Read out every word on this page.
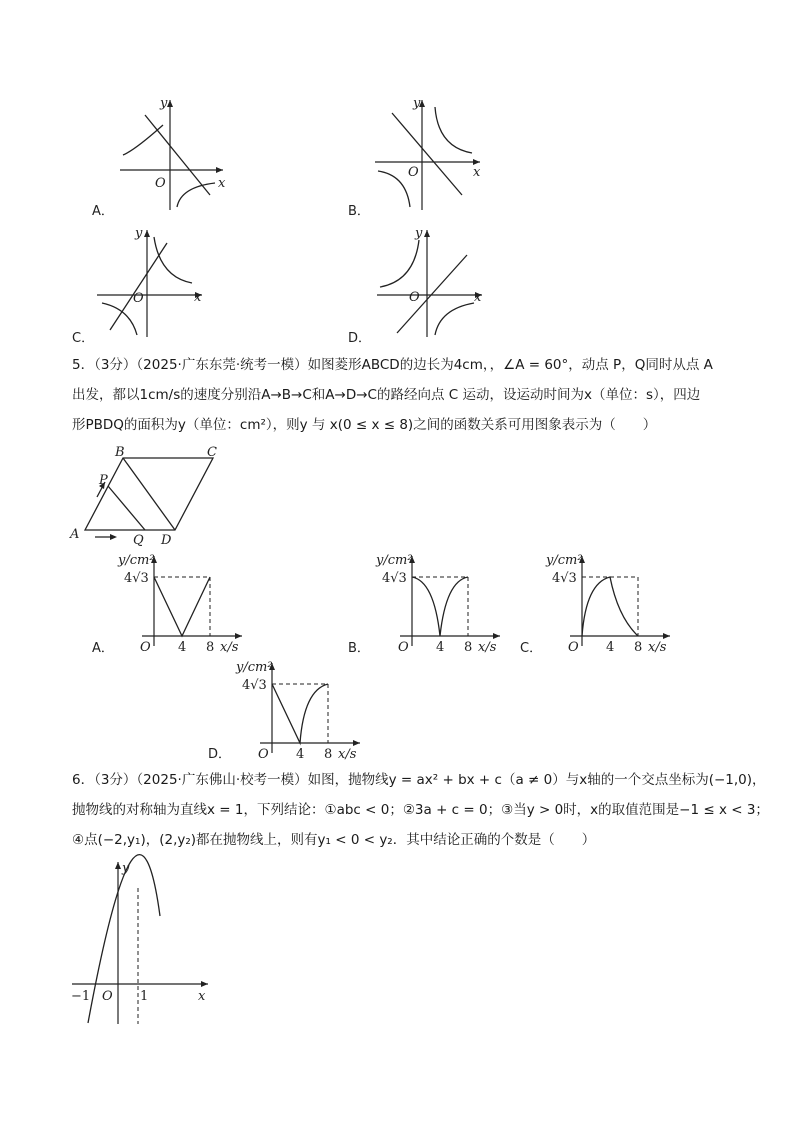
y
x
O
A．
y
x
O
B．
y
x
O
C．
y
x
O
D．

5．（3分）（2025·广东东莞·统考一模）如图菱形ABCD的边长为4cm，，∠A = 60°，动点 P，Q同时从点 A

出发，都以1cm/s的速度分别沿A→B→C和A→D→C的路经向点 C 运动，设运动时间为x（单位：s），四边

形PBDQ的面积为y（单位：cm²），则y 与 x(0 ≤ x ≤ 8)之间的函数关系可用图象表示为（　　）

A
B	C
D
P
Q
y/cm²
4√3
O 4 8 x/s
A．
y/cm²
4√3
O 4 8 x/s
B．
y/cm²
4√3
O 4 8 x/s
C．
y/cm²
4√3
O 4 8 x/s
D．

6．（3分）（2025·广东佛山·校考一模）如图，抛物线y = ax² + bx + c（a ≠ 0）与x轴的一个交点坐标为(−1,0)，

抛物线的对称轴为直线x = 1，下列结论：①abc < 0；②3a + c = 0；③当y > 0时，x的取值范围是−1 ≤ x < 3；

④点(−2,y₁)，(2,y₂)都在抛物线上，则有y₁ < 0 < y₂．其中结论正确的个数是（　　）

y
x
O
−1	1
